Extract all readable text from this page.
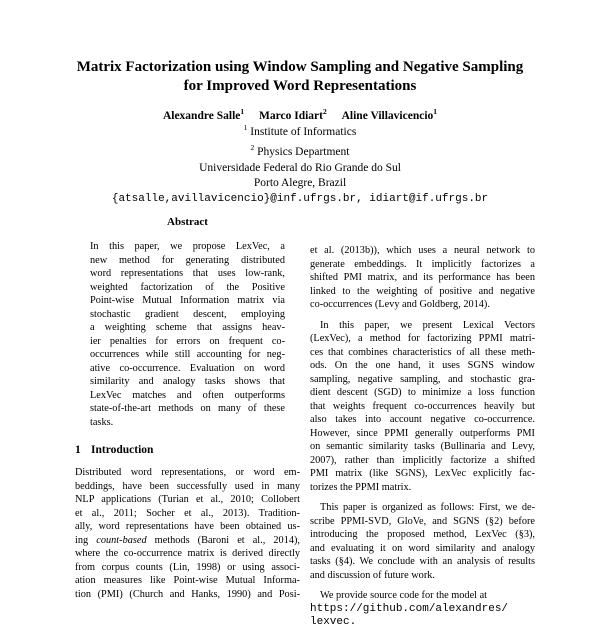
Matrix Factorization using Window Sampling and Negative Sampling
for Improved Word Representations
Alexandre Salle$^1$ Marco Idiart$^2$ Aline Villavicencio$^1$
$^1$ Institute of Informatics
$^2$ Physics Department
Universidade Federal do Rio Grande do Sul
Porto Alegre, Brazil
{atsalle,avillavicencio}@inf.ufrgs.br, idiart@if.ufrgs.br
Abstract
In this paper, we propose LexVec, a
new method for generating distributed
word representations that uses low-rank,
weighted factorization of the Positive
Point-wise Mutual Information matrix via
stochastic gradient descent, employing
a weighting scheme that assigns heav-
ier penalties for errors on frequent co-
occurrences while still accounting for neg-
ative co-occurrence. Evaluation on word
similarity and analogy tasks shows that
LexVec matches and often outperforms
state-of-the-art methods on many of these
tasks.
1 Introduction
Distributed word representations, or word em-
beddings, have been successfully used in many
NLP applications (Turian et al., 2010; Collobert
et al., 2011; Socher et al., 2013). Tradition-
ally, word representations have been obtained us-
ing count-based methods (Baroni et al., 2014),
where the co-occurrence matrix is derived directly
from corpus counts (Lin, 1998) or using associ-
ation measures like Point-wise Mutual Informa-
tion (PMI) (Church and Hanks, 1990) and Posi-
et al. (2013b)), which uses a neural network to
generate embeddings. It implicitly factorizes a
shifted PMI matrix, and its performance has been
linked to the weighting of positive and negative
co-occurrences (Levy and Goldberg, 2014).
In this paper, we present Lexical Vectors
(LexVec), a method for factorizing PPMI matri-
ces that combines characteristics of all these meth-
ods. On the one hand, it uses SGNS window
sampling, negative sampling, and stochastic gra-
dient descent (SGD) to minimize a loss function
that weights frequent co-occurrences heavily but
also takes into account negative co-occurrence.
However, since PPMI generally outperforms PMI
on semantic similarity tasks (Bullinaria and Levy,
2007), rather than implicitly factorize a shifted
PMI matrix (like SGNS), LexVec explicitly fac-
torizes the PPMI matrix.
This paper is organized as follows: First, we de-
scribe PPMI-SVD, GloVe, and SGNS (§2) before
introducing the proposed method, LexVec (§3),
and evaluating it on word similarity and analogy
tasks (§4). We conclude with an analysis of results
and discussion of future work.
We provide source code for the model at
https://github.com/alexandres/
lexvec.
